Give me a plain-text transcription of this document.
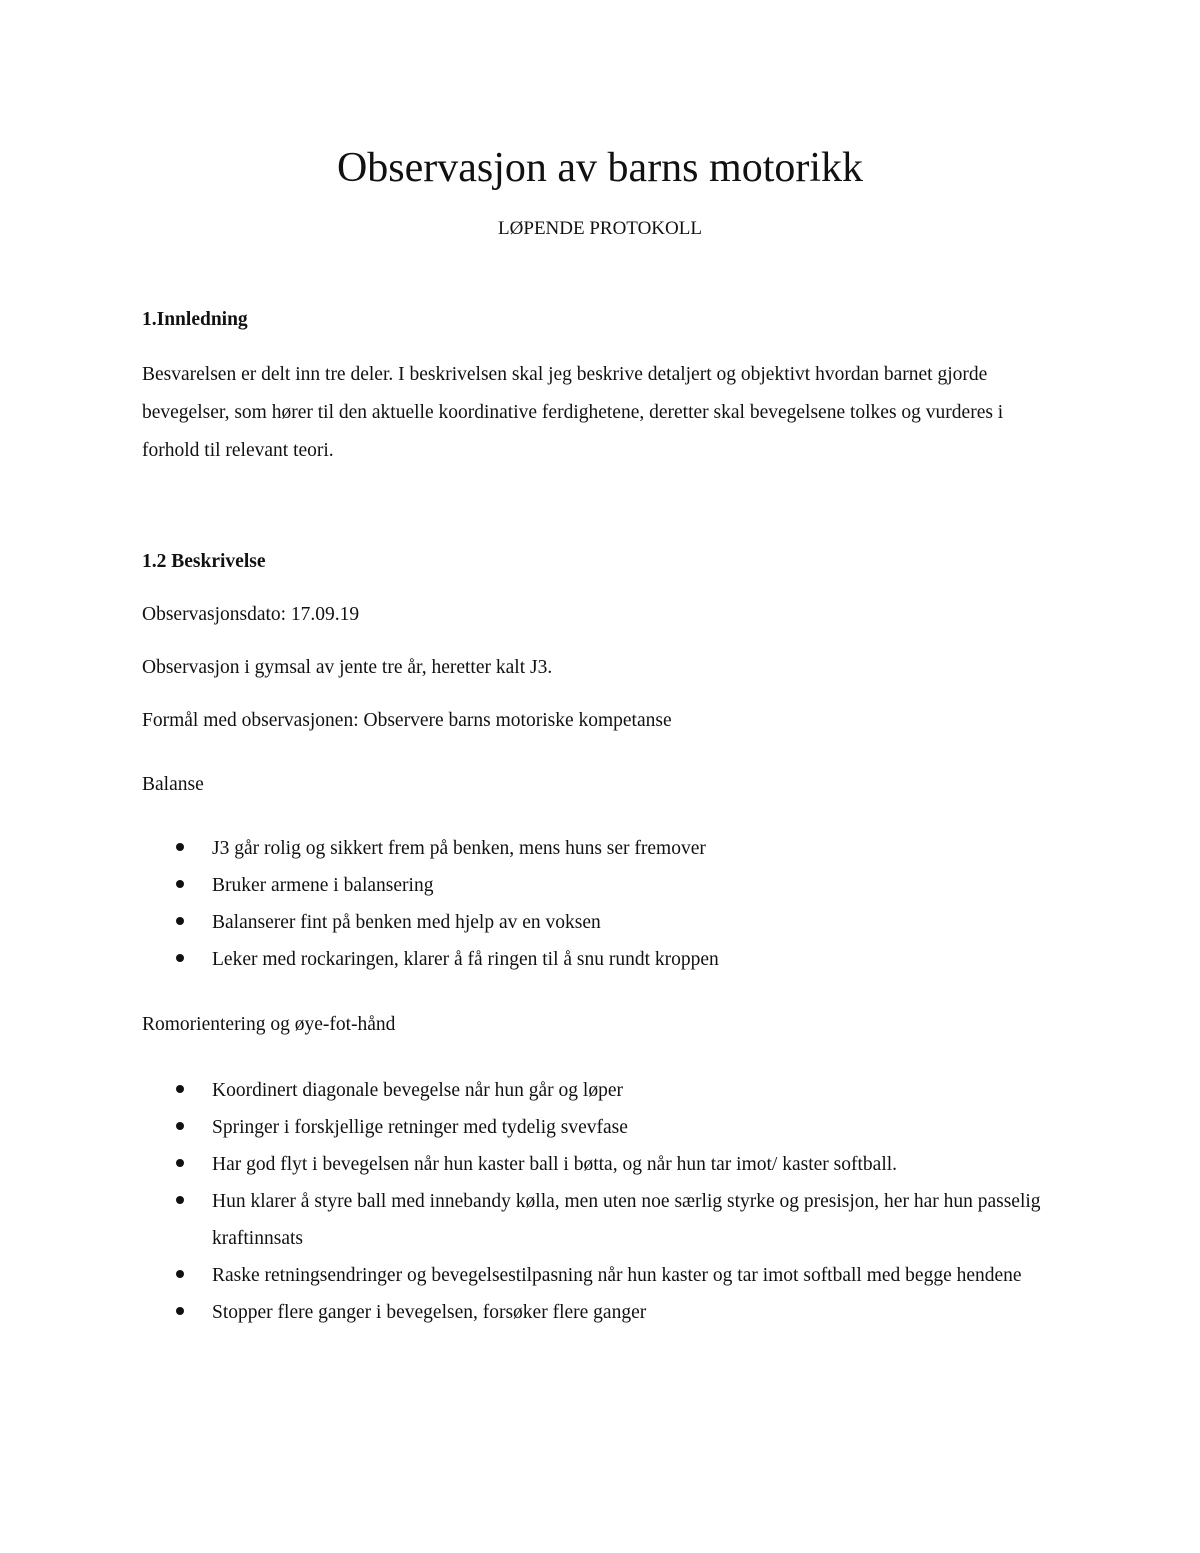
Observasjon av barns motorikk

LØPENDE PROTOKOLL

1.Innledning

Besvarelsen er delt inn tre deler. I beskrivelsen skal jeg beskrive detaljert og objektivt hvordan barnet gjorde bevegelser, som hører til den aktuelle koordinative ferdighetene, deretter skal bevegelsene tolkes og vurderes i forhold til relevant teori.

1.2 Beskrivelse

Observasjonsdato: 17.09.19

Observasjon i gymsal av jente tre år, heretter kalt J3.

Formål med observasjonen: Observere barns motoriske kompetanse

Balanse

J3 går rolig og sikkert frem på benken, mens huns ser fremover
Bruker armene i balansering
Balanserer fint på benken med hjelp av en voksen
Leker med rockaringen, klarer å få ringen til å snu rundt kroppen

Romorientering og øye-fot-hånd

Koordinert diagonale bevegelse når hun går og løper
Springer i forskjellige retninger med tydelig svevfase
Har god flyt i bevegelsen når hun kaster ball i bøtta, og når hun tar imot/ kaster softball.
Hun klarer å styre ball med innebandy kølla, men uten noe særlig styrke og presisjon, her har hun passelig kraftinnsats
Raske retningsendringer og bevegelsestilpasning når hun kaster og tar imot softball med begge hendene
Stopper flere ganger i bevegelsen, forsøker flere ganger
